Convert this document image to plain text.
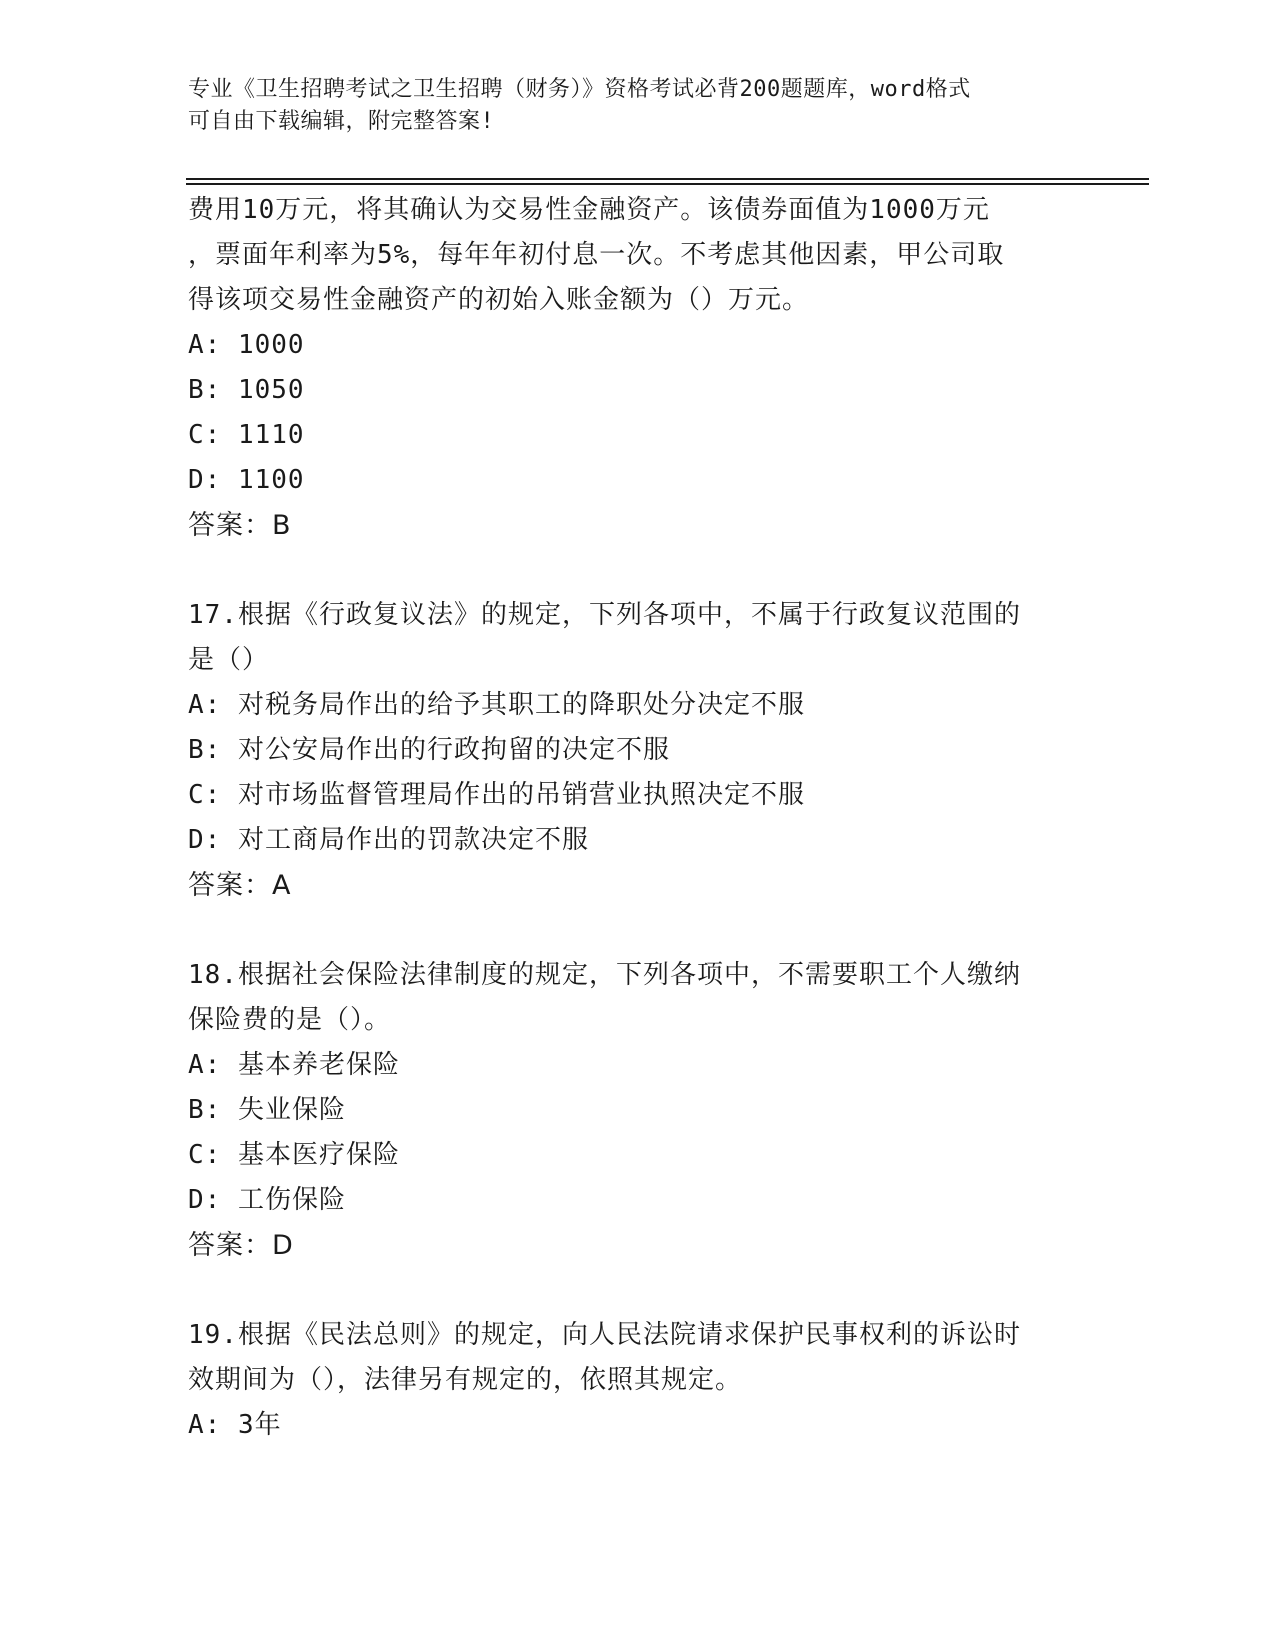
专业《卫生招聘考试之卫生招聘（财务）》资格考试必背200题题库，word格式
可自由下载编辑，附完整答案!
费用10万元，将其确认为交易性金融资产。该债券面值为1000万元
，票面年利率为5%，每年年初付息一次。不考虑其他因素，甲公司取
得该项交易性金融资产的初始入账金额为（）万元。
A: 1000
B: 1050
C: 1110
D: 1100
答案：B
17.根据《行政复议法》的规定，下列各项中，不属于行政复议范围的
是（）
A: 对税务局作出的给予其职工的降职处分决定不服
B: 对公安局作出的行政拘留的决定不服
C: 对市场监督管理局作出的吊销营业执照决定不服
D: 对工商局作出的罚款决定不服
答案：A
18.根据社会保险法律制度的规定，下列各项中，不需要职工个人缴纳
保险费的是（）。
A: 基本养老保险
B: 失业保险
C: 基本医疗保险
D: 工伤保险
答案：D
19.根据《民法总则》的规定，向人民法院请求保护民事权利的诉讼时
效期间为（），法律另有规定的，依照其规定。
A: 3年
